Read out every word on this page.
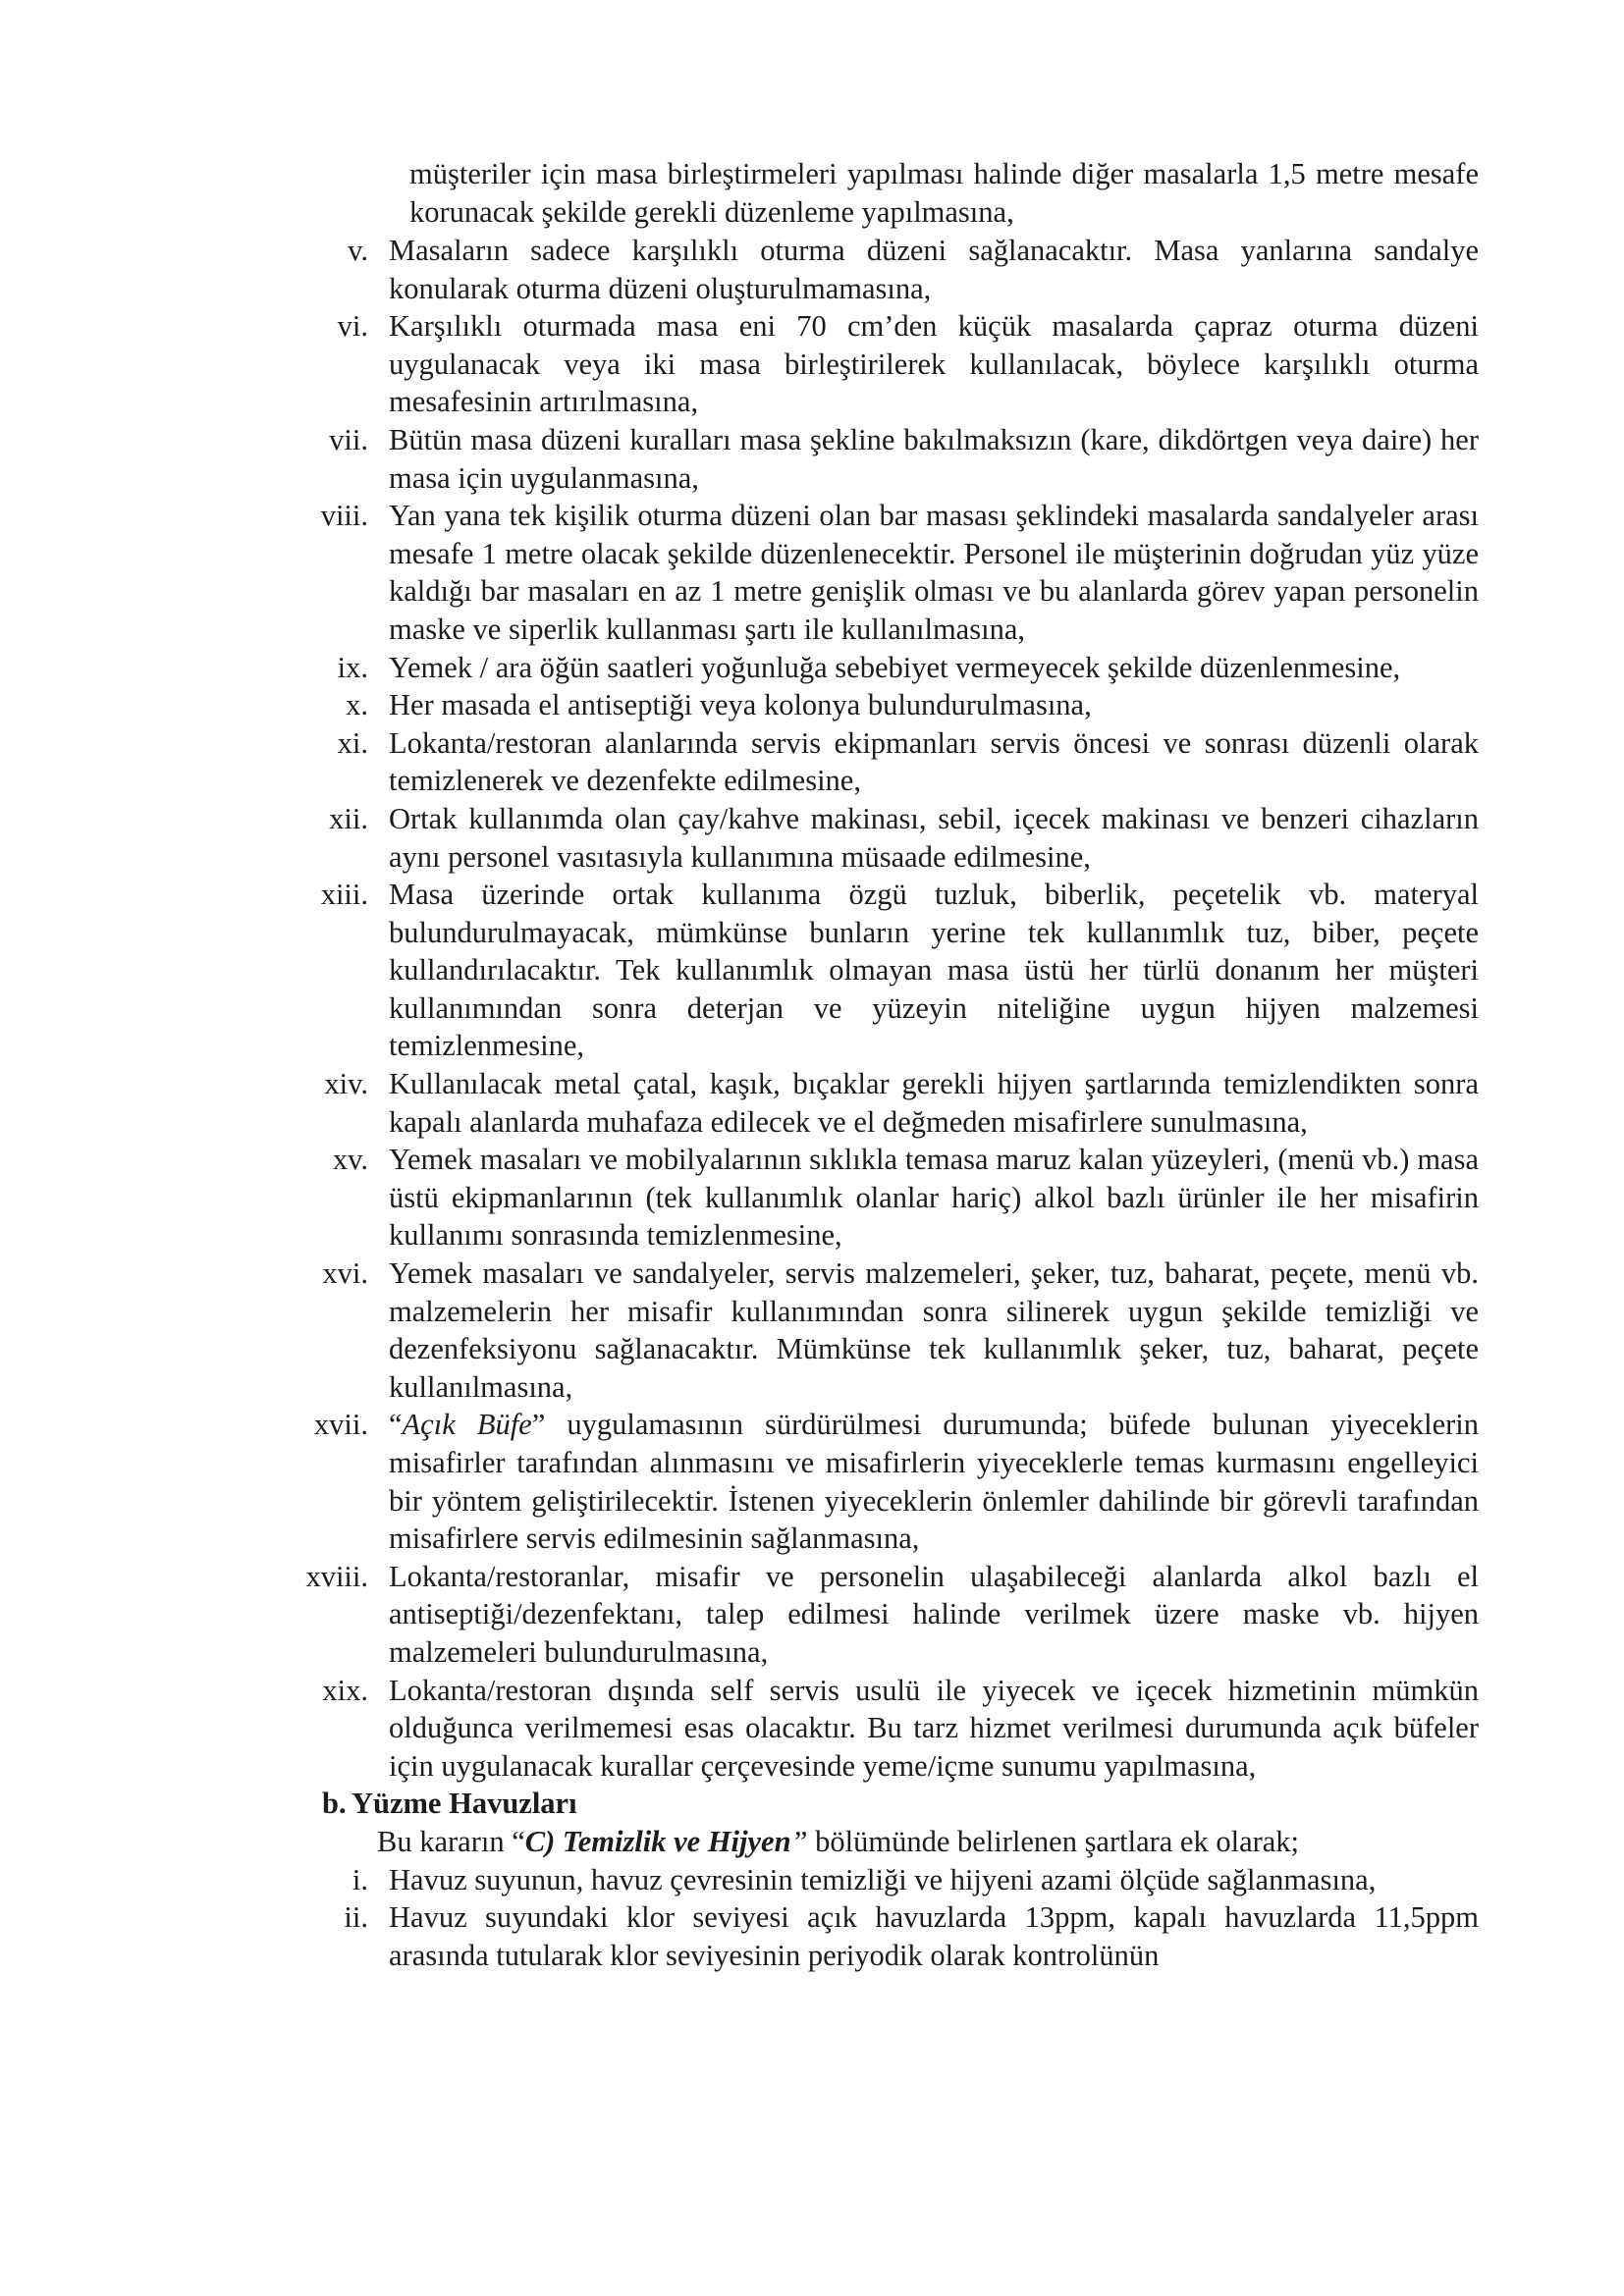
müşteriler için masa birleştirmeleri yapılması halinde diğer masalarla 1,5 metre mesafe korunacak şekilde gerekli düzenleme yapılmasına,

v. Masaların sadece karşılıklı oturma düzeni sağlanacaktır. Masa yanlarına sandalye konularak oturma düzeni oluşturulmamasına,
vi. Karşılıklı oturmada masa eni 70 cm’den küçük masalarda çapraz oturma düzeni uygulanacak veya iki masa birleştirilerek kullanılacak, böylece karşılıklı oturma mesafesinin artırılmasına,
vii. Bütün masa düzeni kuralları masa şekline bakılmaksızın (kare, dikdörtgen veya daire) her masa için uygulanmasına,
viii. Yan yana tek kişilik oturma düzeni olan bar masası şeklindeki masalarda sandalyeler arası mesafe 1 metre olacak şekilde düzenlenecektir. Personel ile müşterinin doğrudan yüz yüze kaldığı bar masaları en az 1 metre genişlik olması ve bu alanlarda görev yapan personelin maske ve siperlik kullanması şartı ile kullanılmasına,
ix. Yemek / ara öğün saatleri yoğunluğa sebebiyet vermeyecek şekilde düzenlenmesine,
x. Her masada el antiseptiği veya kolonya bulundurulmasına,
xi. Lokanta/restoran alanlarında servis ekipmanları servis öncesi ve sonrası düzenli olarak temizlenerek ve dezenfekte edilmesine,
xii. Ortak kullanımda olan çay/kahve makinası, sebil, içecek makinası ve benzeri cihazların aynı personel vasıtasıyla kullanımına müsaade edilmesine,
xiii. Masa üzerinde ortak kullanıma özgü tuzluk, biberlik, peçetelik vb. materyal bulundurulmayacak, mümkünse bunların yerine tek kullanımlık tuz, biber, peçete kullandırılacaktır. Tek kullanımlık olmayan masa üstü her türlü donanım her müşteri kullanımından sonra deterjan ve yüzeyin niteliğine uygun hijyen malzemesi temizlenmesine,
xiv. Kullanılacak metal çatal, kaşık, bıçaklar gerekli hijyen şartlarında temizlendikten sonra kapalı alanlarda muhafaza edilecek ve el değmeden misafirlere sunulmasına,
xv. Yemek masaları ve mobilyalarının sıklıkla temasa maruz kalan yüzeyleri, (menü vb.) masa üstü ekipmanlarının (tek kullanımlık olanlar hariç) alkol bazlı ürünler ile her misafirin kullanımı sonrasında temizlenmesine,
xvi. Yemek masaları ve sandalyeler, servis malzemeleri, şeker, tuz, baharat, peçete, menü vb. malzemelerin her misafir kullanımından sonra silinerek uygun şekilde temizliği ve dezenfeksiyonu sağlanacaktır. Mümkünse tek kullanımlık şeker, tuz, baharat, peçete kullanılmasına,
xvii. “Açık Büfe” uygulamasının sürdürülmesi durumunda; büfede bulunan yiyeceklerin misafirler tarafından alınmasını ve misafirlerin yiyeceklerle temas kurmasını engelleyici bir yöntem geliştirilecektir. İstenen yiyeceklerin önlemler dahilinde bir görevli tarafından misafirlere servis edilmesinin sağlanmasına,
xviii. Lokanta/restoranlar, misafir ve personelin ulaşabileceği alanlarda alkol bazlı el antiseptiği/dezenfektanı, talep edilmesi halinde verilmek üzere maske vb. hijyen malzemeleri bulundurulmasına,
xix. Lokanta/restoran dışında self servis usulü ile yiyecek ve içecek hizmetinin mümkün olduğunca verilmemesi esas olacaktır. Bu tarz hizmet verilmesi durumunda açık büfeler için uygulanacak kurallar çerçevesinde yeme/içme sunumu yapılmasına,
b. Yüzme Havuzları
Bu kararın “C) Temizlik ve Hijyen” bölümünde belirlenen şartlara ek olarak;
i. Havuz suyunun, havuz çevresinin temizliği ve hijyeni azami ölçüde sağlanmasına,
ii. Havuz suyundaki klor seviyesi açık havuzlarda 13ppm, kapalı havuzlarda 11,5ppm arasında tutularak klor seviyesinin periyodik olarak kontrolünün
